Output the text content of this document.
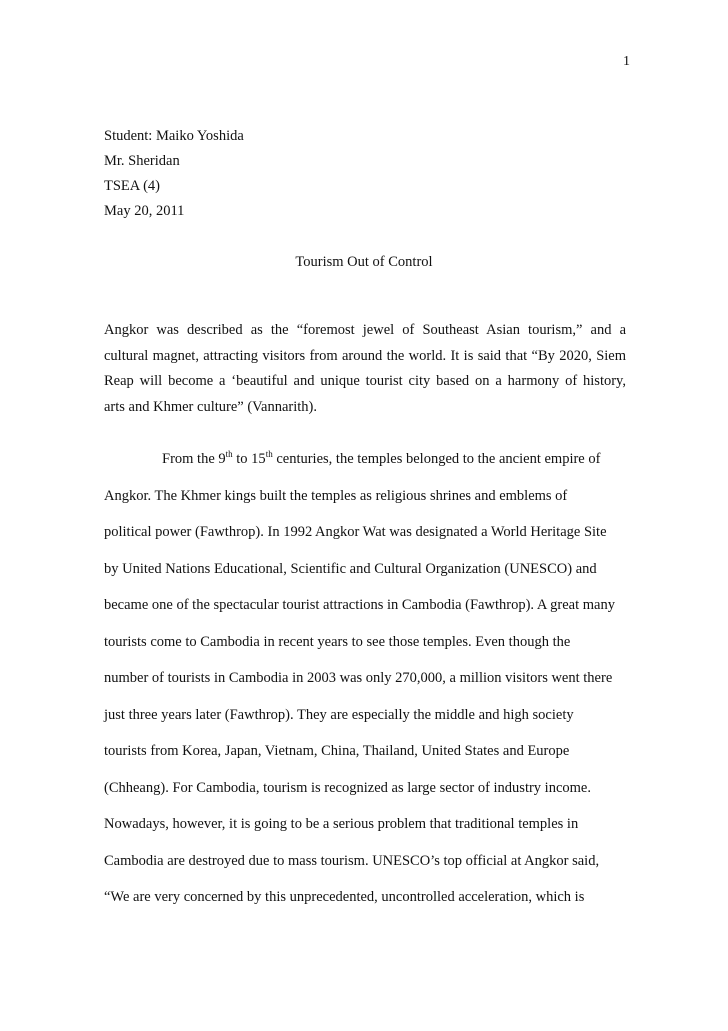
1
Student: Maiko Yoshida
Mr. Sheridan
TSEA (4)
May 20, 2011
Tourism Out of Control
Angkor was described as the “foremost jewel of Southeast Asian tourism,” and a
cultural magnet, attracting visitors from around the world. It is said that “By 2020, Siem
Reap will become a ‘beautiful and unique tourist city based on a harmony of history,
arts and Khmer culture” (Vannarith).
From the 9th to 15th centuries, the temples belonged to the ancient empire of
Angkor. The Khmer kings built the temples as religious shrines and emblems of
political power (Fawthrop). In 1992 Angkor Wat was designated a World Heritage Site
by United Nations Educational, Scientific and Cultural Organization (UNESCO) and
became one of the spectacular tourist attractions in Cambodia (Fawthrop). A great many
tourists come to Cambodia in recent years to see those temples. Even though the
number of tourists in Cambodia in 2003 was only 270,000, a million visitors went there
just three years later (Fawthrop). They are especially the middle and high society
tourists from Korea, Japan, Vietnam, China, Thailand, United States and Europe
(Chheang). For Cambodia, tourism is recognized as large sector of industry income.
Nowadays, however, it is going to be a serious problem that traditional temples in
Cambodia are destroyed due to mass tourism. UNESCO’s top official at Angkor said,
“We are very concerned by this unprecedented, uncontrolled acceleration, which is
